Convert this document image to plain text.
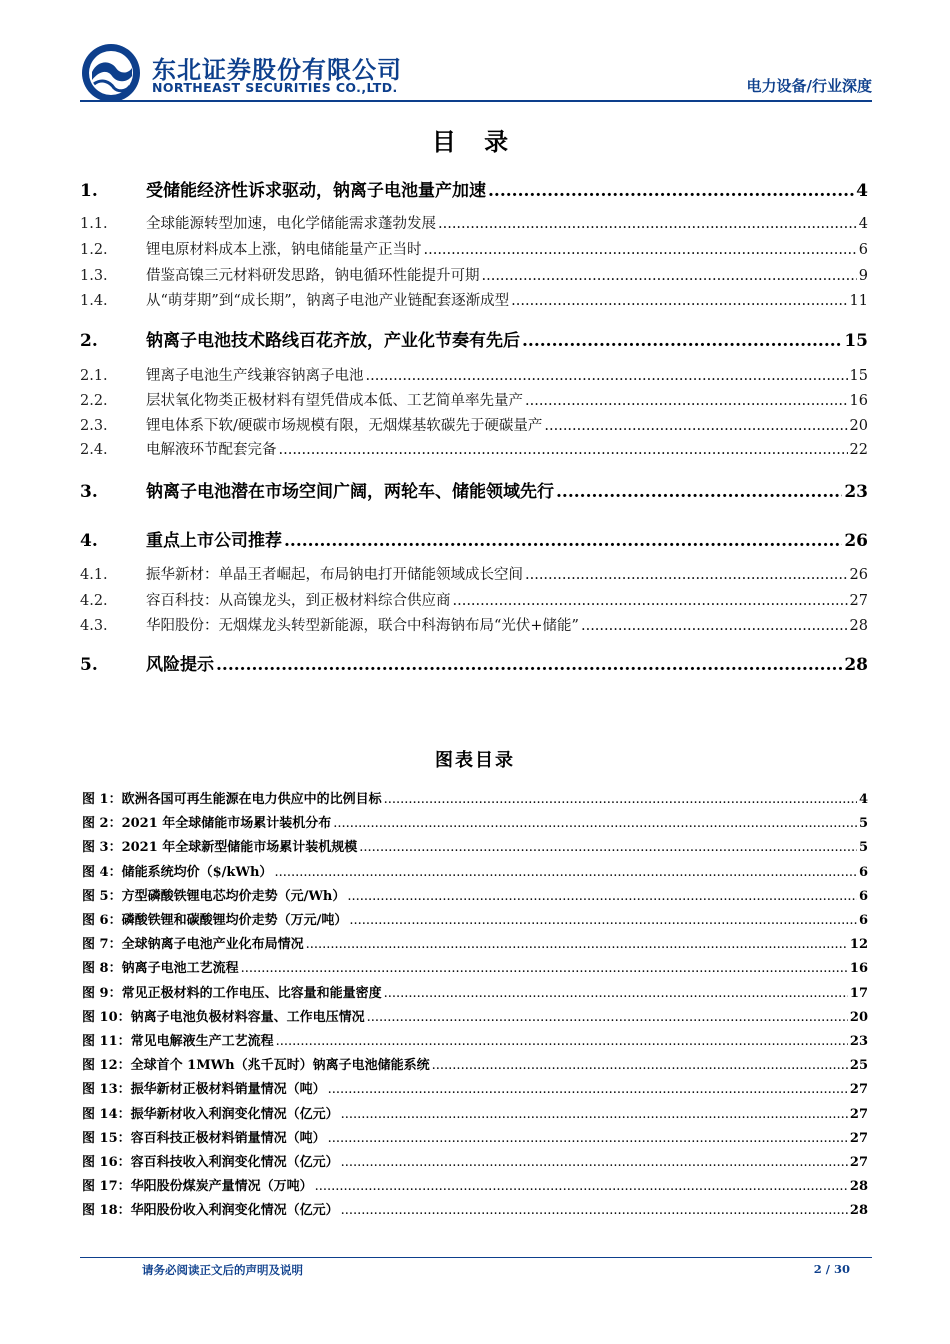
东北证券股份有限公司
NORTHEAST SECURITIES CO.,LTD.	电力设备/行业深度
目 录
1.	受储能经济性诉求驱动，钠离子电池量产加速 .....	4
1.1.	全球能源转型加速，电化学储能需求蓬勃发展 .....	4
1.2.	锂电原材料成本上涨，钠电储能量产正当时 .....	6
1.3.	借鉴高镍三元材料研发思路，钠电循环性能提升可期 .....	9
1.4.	从“萌芽期”到“成长期”，钠离子电池产业链配套逐渐成型 .....	11
2.	钠离子电池技术路线百花齐放，产业化节奏有先后 .....	15
2.1.	锂离子电池生产线兼容钠离子电池 .....	15
2.2.	层状氧化物类正极材料有望凭借成本低、工艺简单率先量产 .....	16
2.3.	锂电体系下软/硬碳市场规模有限，无烟煤基软碳先于硬碳量产 .....	20
2.4.	电解液环节配套完备 .....	22
3.	钠离子电池潜在市场空间广阔，两轮车、储能领域先行 .....	23
4.	重点上市公司推荐 .....	26
4.1.	振华新材：单晶王者崛起，布局钠电打开储能领域成长空间 .....	26
4.2.	容百科技：从高镍龙头，到正极材料综合供应商 .....	27
4.3.	华阳股份：无烟煤龙头转型新能源，联合中科海钠布局“光伏+储能” .....	28
5.	风险提示 .....	28
图表目录
图 1：欧洲各国可再生能源在电力供应中的比例目标 .....	4
图 2：2021 年全球储能市场累计装机分布 .....	5
图 3：2021 年全球新型储能市场累计装机规模 .....	5
图 4：储能系统均价（$/kWh） .....	6
图 5：方型磷酸铁锂电芯均价走势（元/Wh） .....	6
图 6：磷酸铁锂和碳酸锂均价走势（万元/吨） .....	6
图 7：全球钠离子电池产业化布局情况 .....	12
图 8：钠离子电池工艺流程 .....	16
图 9：常见正极材料的工作电压、比容量和能量密度 .....	17
图 10：钠离子电池负极材料容量、工作电压情况 .....	20
图 11：常见电解液生产工艺流程 .....	23
图 12：全球首个 1MWh（兆千瓦时）钠离子电池储能系统 .....	25
图 13：振华新材正极材料销量情况（吨） .....	27
图 14：振华新材收入利润变化情况（亿元） .....	27
图 15：容百科技正极材料销量情况（吨） .....	27
图 16：容百科技收入利润变化情况（亿元） .....	27
图 17：华阳股份煤炭产量情况（万吨） .....	28
图 18：华阳股份收入利润变化情况（亿元） .....	28
请务必阅读正文后的声明及说明	2 / 30
